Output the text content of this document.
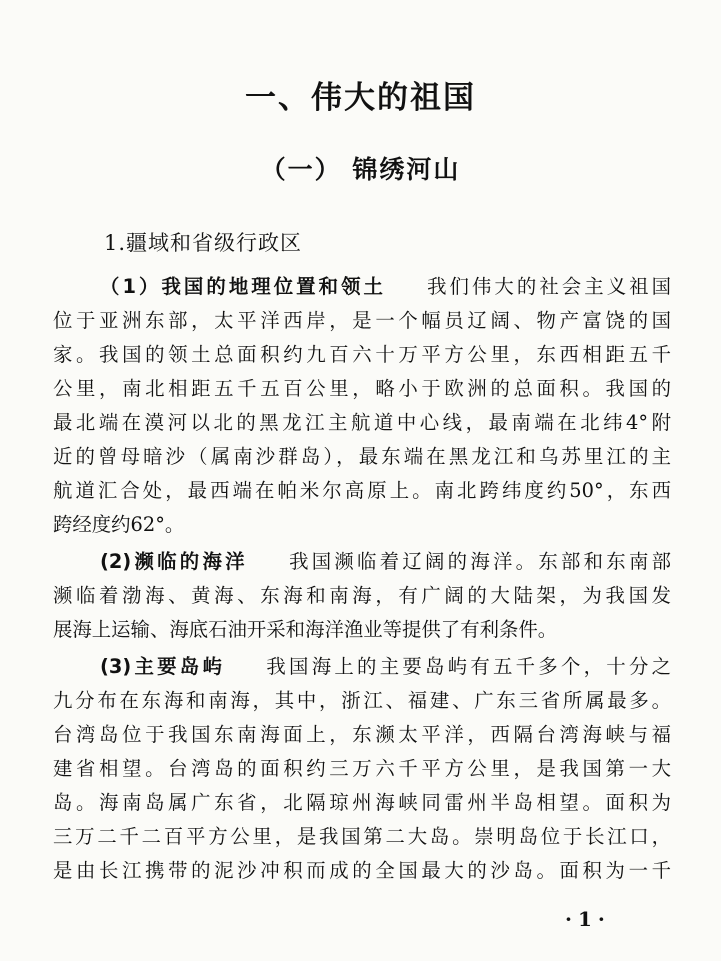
一、伟大的祖国
（一） 锦绣河山
1.疆域和省级行政区
（1）我国的地理位置和领土 我们伟大的社会主义祖国
位于亚洲东部，太平洋西岸，是一个幅员辽阔、物产富饶的国
家。我国的领土总面积约九百六十万平方公里，东西相距五千
公里，南北相距五千五百公里，略小于欧洲的总面积。我国的
最北端在漠河以北的黑龙江主航道中心线，最南端在北纬4°附
近的曾母暗沙（属南沙群岛），最东端在黑龙江和乌苏里江的主
航道汇合处，最西端在帕米尔高原上。南北跨纬度约50°，东西
跨经度约62°。
(2)濒临的海洋 我国濒临着辽阔的海洋。东部和东南部
濒临着渤海、黄海、东海和南海，有广阔的大陆架，为我国发
展海上运输、海底石油开采和海洋渔业等提供了有利条件。
(3)主要岛屿 我国海上的主要岛屿有五千多个，十分之
九分布在东海和南海，其中，浙江、福建、广东三省所属最多。
台湾岛位于我国东南海面上，东濒太平洋，西隔台湾海峡与福
建省相望。台湾岛的面积约三万六千平方公里，是我国第一大
岛。海南岛属广东省，北隔琼州海峡同雷州半岛相望。面积为
三万二千二百平方公里，是我国第二大岛。崇明岛位于长江口，
是由长江携带的泥沙冲积而成的全国最大的沙岛。面积为一千
·1·
